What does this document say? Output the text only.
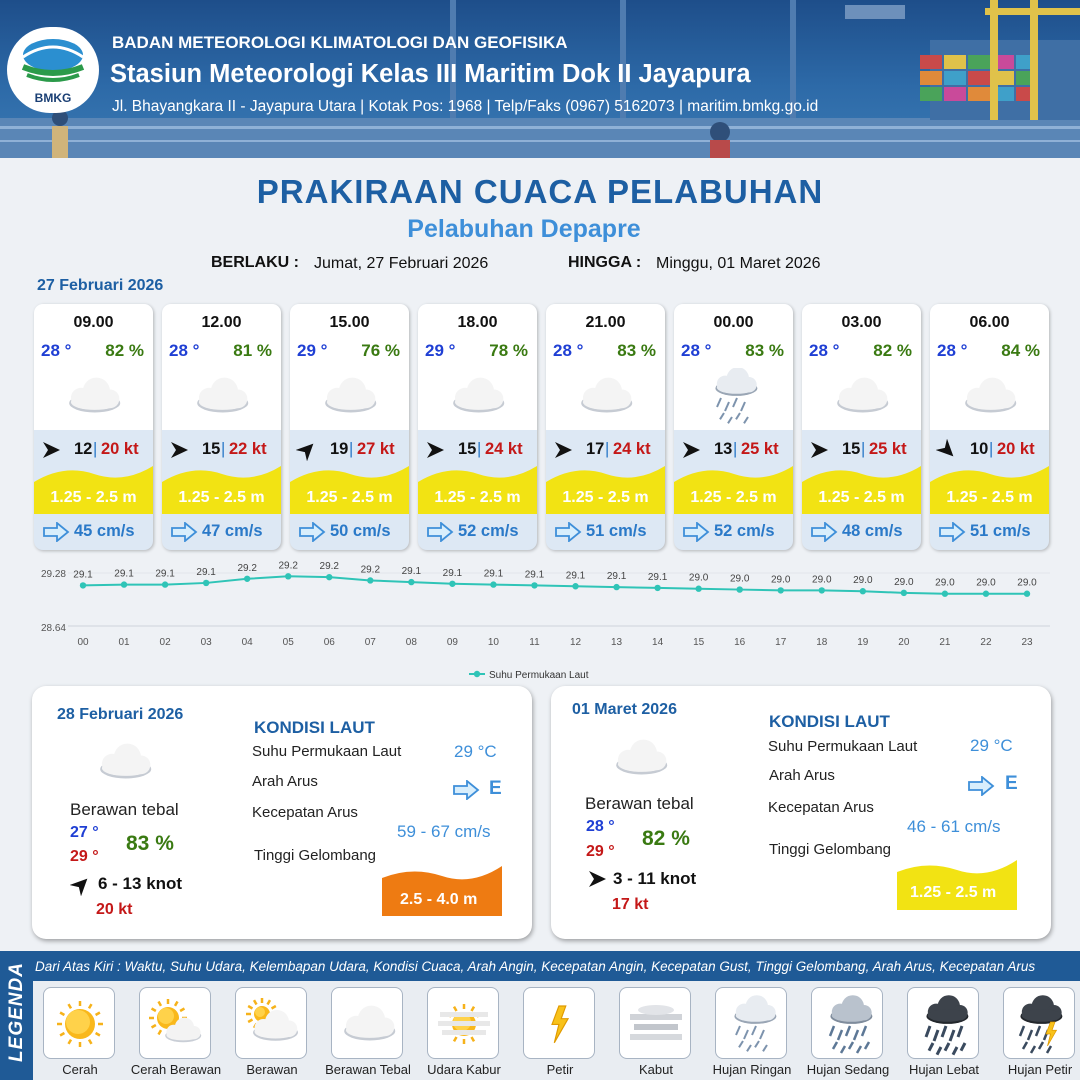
BMKG
BADAN METEOROLOGI KLIMATOLOGI DAN GEOFISIKA
Stasiun Meteorologi Kelas III Maritim Dok II Jayapura
Jl. Bhayangkara II - Jayapura Utara | Kotak Pos: 1968 | Telp/Faks (0967) 5162073 | maritim.bmkg.go.id
PRAKIRAAN CUACA PELABUHAN
Pelabuhan Depapre
BERLAKU : Jumat, 27 Februari 2026	HINGGA : Minggu, 01 Maret 2026
27 Februari 2026
09.00
28 ° 82 %
12 | 20 kt
1.25 - 2.5 m
45 cm/s
12.00
28 ° 81 %
15 | 22 kt
1.25 - 2.5 m
47 cm/s
15.00
29 ° 76 %
19 | 27 kt
1.25 - 2.5 m
50 cm/s
18.00
29 ° 78 %
15 | 24 kt
1.25 - 2.5 m
52 cm/s
21.00
28 ° 83 %
17 | 24 kt
1.25 - 2.5 m
51 cm/s
00.00
28 ° 83 %
13 | 25 kt
1.25 - 2.5 m
52 cm/s
03.00
28 ° 82 %
15 | 25 kt
1.25 - 2.5 m
48 cm/s
06.00
28 ° 84 %
10 | 20 kt
1.25 - 2.5 m
51 cm/s
29.28
28.64
29.1
00
29.1
01
29.1
02
29.1
03
29.2
04
29.2
05
29.2
06
29.2
07
29.1
08
29.1
09
29.1
10
29.1
11
29.1
12
29.1
13
29.1
14
29.0
15
29.0
16
29.0
17
29.0
18
29.0
19
29.0
20
29.0
21
29.0
22
29.0
23
Suhu Permukaan Laut
28 Februari 2026
Berawan tebal
27 °
29 °
83 %
6 - 13 knot
20 kt
KONDISI LAUT
Suhu Permukaan Laut	29 °C
Arah Arus	E
Kecepatan Arus
59 - 67 cm/s
Tinggi Gelombang
2.5 - 4.0 m
01 Maret 2026
Berawan tebal
28 °
29 °
82 %
3 - 11 knot
17 kt
KONDISI LAUT
Suhu Permukaan Laut	29 °C
Arah Arus	E
Kecepatan Arus
46 - 61 cm/s
Tinggi Gelombang
1.25 - 2.5 m
LEGENDA Dari Atas Kiri : Waktu, Suhu Udara, Kelembapan Udara, Kondisi Cuaca, Arah Angin, Kecepatan Angin, Kecepatan Gust, Tinggi Gelombang, Arah Arus, Kecepatan Arus
Cerah	Cerah Berawan	Berawan	Berawan Tebal	Udara Kabur	Petir	Kabut	Hujan Ringan	Hujan Sedang	Hujan Lebat	Hujan Petir
